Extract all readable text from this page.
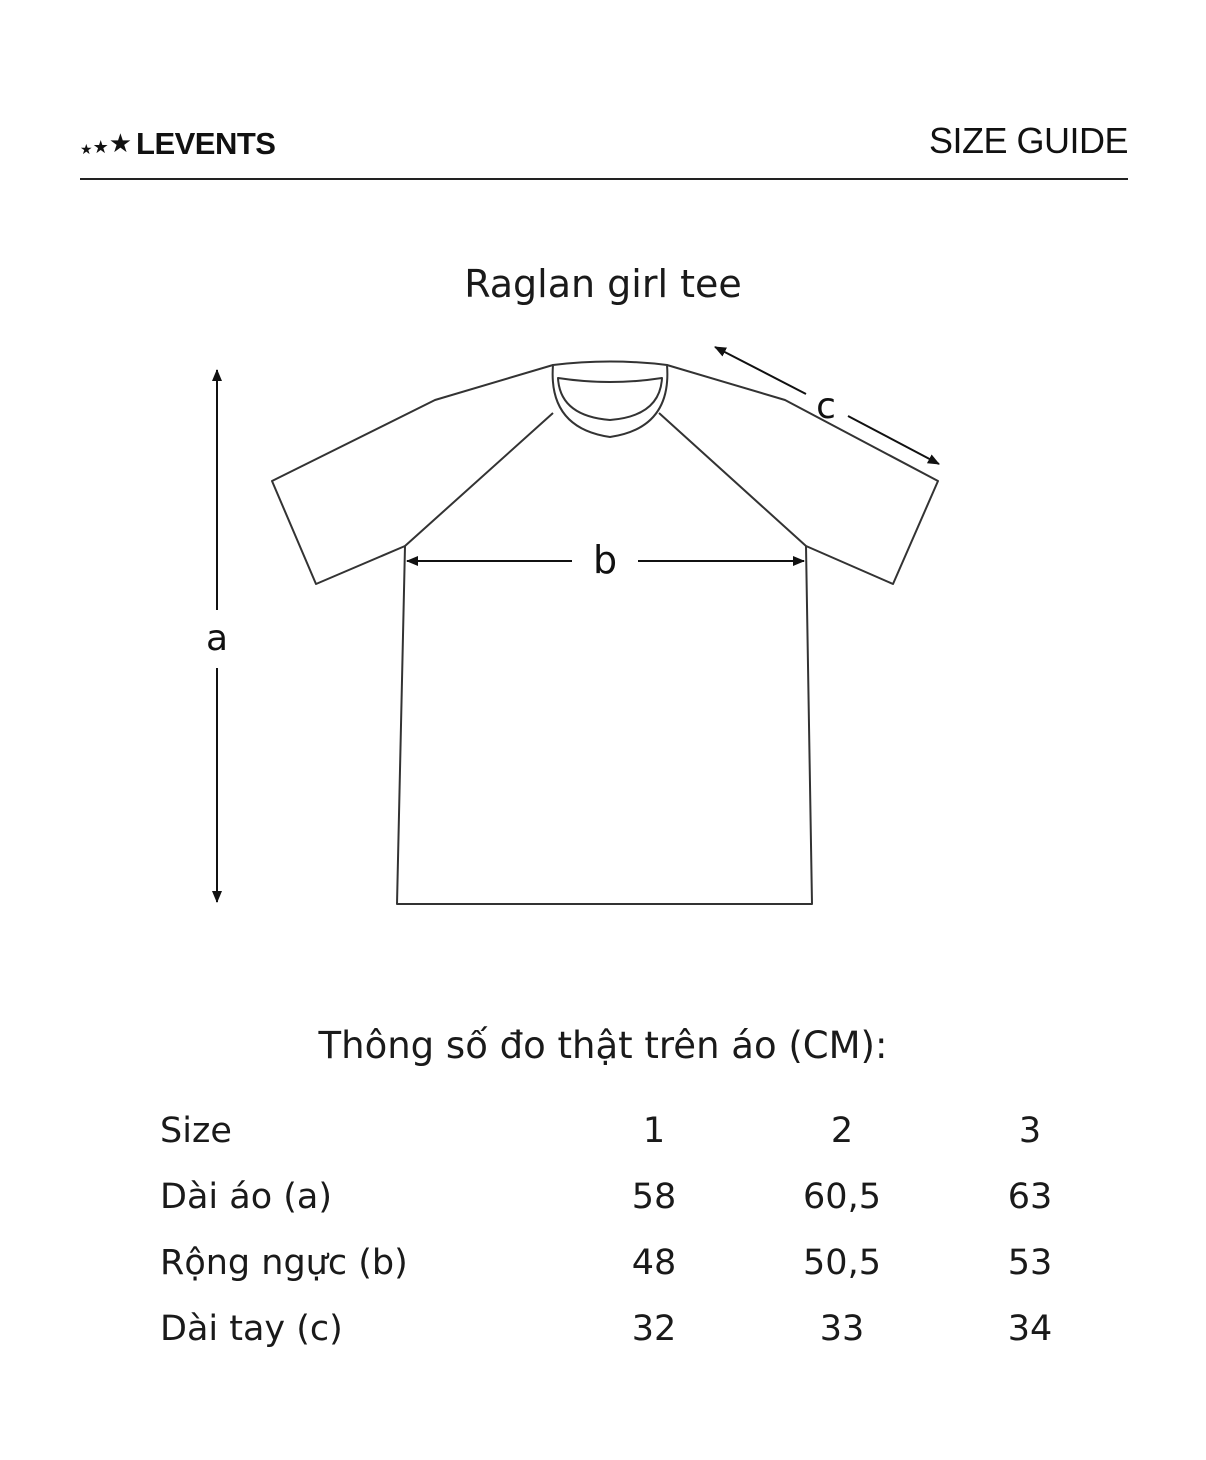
★ ★ ★ LEVENTS	SIZE GUIDE
Raglan girl tee
a
b
c
Thông số đo thật trên áo (CM):
Size	1	2	3
Dài áo (a)	58	60,5	63
Rộng ngực (b)	48	50,5	53
Dài tay (c)	32	33	34
